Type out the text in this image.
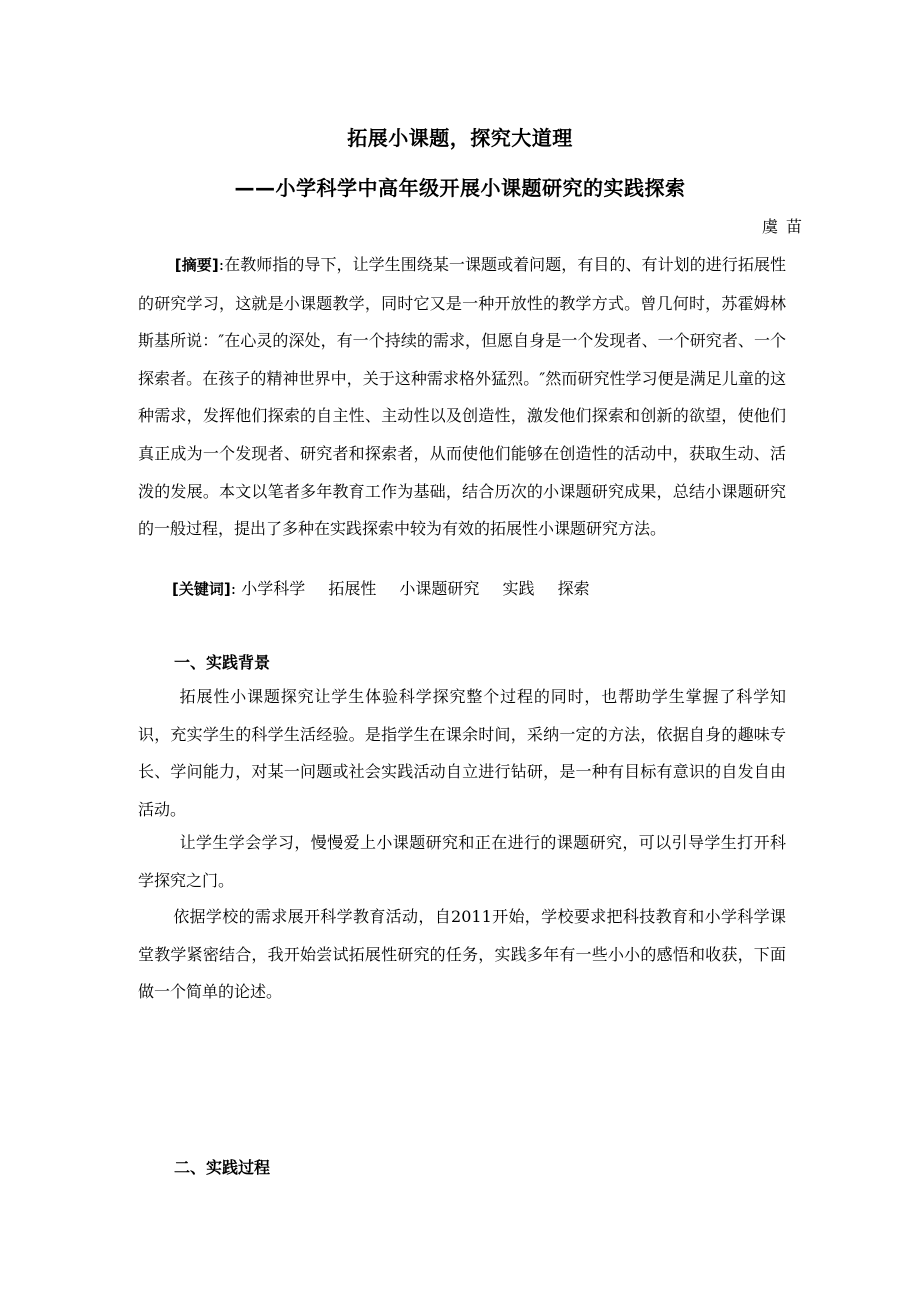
拓展小课题，探究大道理
——小学科学中高年级开展小课题研究的实践探索
虞苗
[摘要]:在教师指的导下，让学生围绕某一课题或着问题，有目的、有计划的进行拓展性的研究学习，这就是小课题教学，同时它又是一种开放性的教学方式。曾几何时，苏霍姆林斯基所说：″在心灵的深处，有一个持续的需求，但愿自身是一个发现者、一个研究者、一个探索者。在孩子的精神世界中，关于这种需求格外猛烈。″然而研究性学习便是满足儿童的这种需求，发挥他们探索的自主性、主动性以及创造性，激发他们探索和创新的欲望，使他们真正成为一个发现者、研究者和探索者，从而使他们能够在创造性的活动中，获取生动、活泼的发展。本文以笔者多年教育工作为基础，结合历次的小课题研究成果，总结小课题研究的一般过程，提出了多种在实践探索中较为有效的拓展性小课题研究方法。
[关键词]: 小学科学 拓展性 小课题研究 实践 探索
一、实践背景
拓展性小课题探究让学生体验科学探究整个过程的同时，也帮助学生掌握了科学知识，充实学生的科学生活经验。是指学生在课余时间，采纳一定的方法，依据自身的趣味专长、学问能力，对某一问题或社会实践活动自立进行钻研，是一种有目标有意识的自发自由活动。
让学生学会学习，慢慢爱上小课题研究和正在进行的课题研究，可以引导学生打开科学探究之门。
依据学校的需求展开科学教育活动，自2011开始，学校要求把科技教育和小学科学课堂教学紧密结合，我开始尝试拓展性研究的任务，实践多年有一些小小的感悟和收获，下面做一个简单的论述。
二、实践过程
